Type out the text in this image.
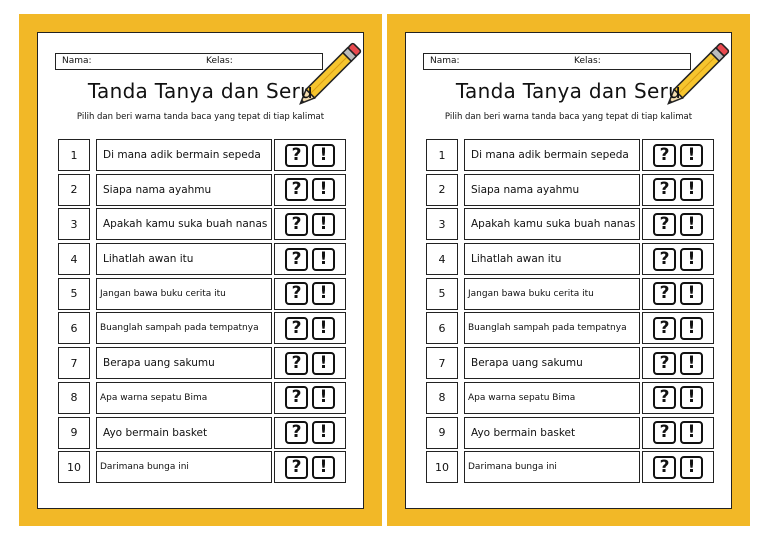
Nama:	Kelas:
Tanda Tanya dan Seru
Pilih dan beri warna tanda baca yang tepat di tiap kalimat
1	Di mana adik bermain sepeda	?	!
2	Siapa nama ayahmu	?	!
3	Apakah kamu suka buah nanas	?	!
4	Lihatlah awan itu	?	!
5	Jangan bawa buku cerita itu	?	!
6	Buanglah sampah pada tempatnya	?	!
7	Berapa uang sakumu	?	!
8	Apa warna sepatu Bima	?	!
9	Ayo bermain basket	?	!
10	Darimana bunga ini	?	!
Nama:	Kelas:
Tanda Tanya dan Seru
Pilih dan beri warna tanda baca yang tepat di tiap kalimat
1	Di mana adik bermain sepeda	?	!
2	Siapa nama ayahmu	?	!
3	Apakah kamu suka buah nanas	?	!
4	Lihatlah awan itu	?	!
5	Jangan bawa buku cerita itu	?	!
6	Buanglah sampah pada tempatnya	?	!
7	Berapa uang sakumu	?	!
8	Apa warna sepatu Bima	?	!
9	Ayo bermain basket	?	!
10	Darimana bunga ini	?	!
